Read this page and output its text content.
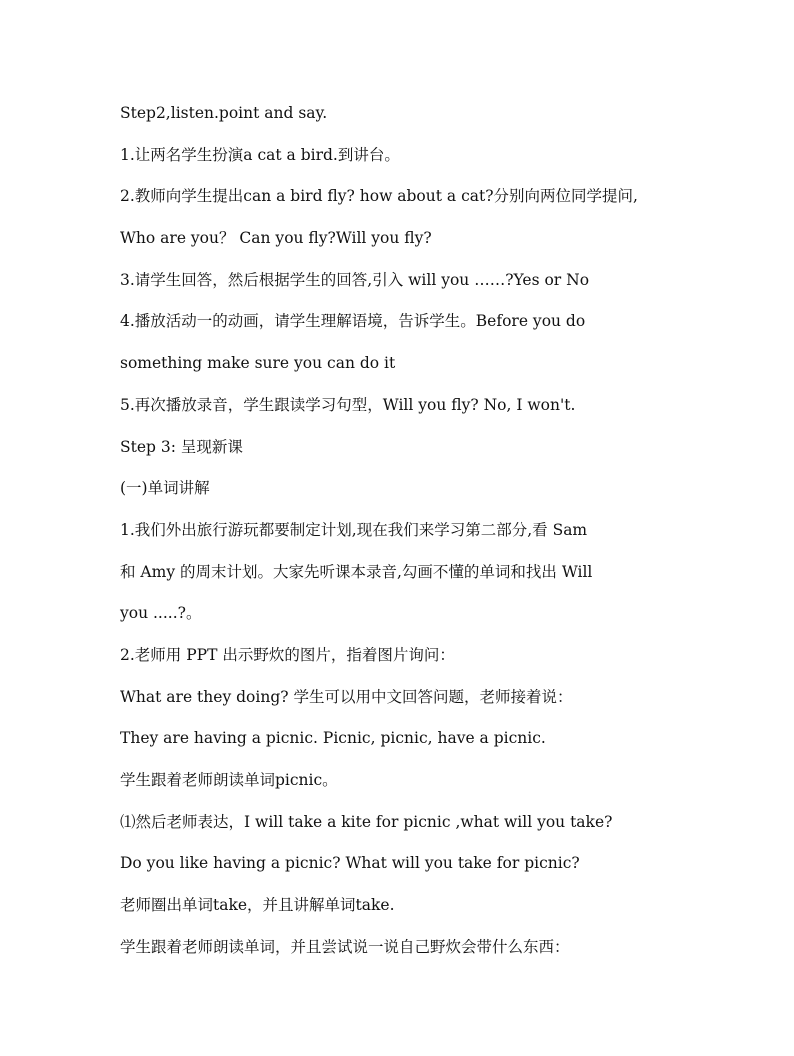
Step2,listen.point and say.
1.让两名学生扮演a cat a bird.到讲台。
2.教师向学生提出can a bird fly? how about a cat?分别向两位同学提问,
Who are you？ Can you fly?Will you fly?
3.请学生回答，然后根据学生的回答,引入 will you ……?Yes or No
4.播放活动一的动画，请学生理解语境，告诉学生。Before you do
something make sure you can do it
5.再次播放录音，学生跟读学习句型，Will you fly? No, I won't.
Step 3: 呈现新课
(一)单词讲解
1.我们外出旅行游玩都要制定计划,现在我们来学习第二部分,看 Sam
和 Amy 的周末计划。大家先听课本录音,勾画不懂的单词和找出 Will
you .....?。
2.老师用 PPT 出示野炊的图片，指着图片询问：
What are they doing? 学生可以用中文回答问题，老师接着说：
They are having a picnic. Picnic, picnic, have a picnic.
学生跟着老师朗读单词picnic。
⑴然后老师表达，I will take a kite for picnic ,what will you take?
Do you like having a picnic? What will you take for picnic?
老师圈出单词take，并且讲解单词take.
学生跟着老师朗读单词，并且尝试说一说自己野炊会带什么东西：
